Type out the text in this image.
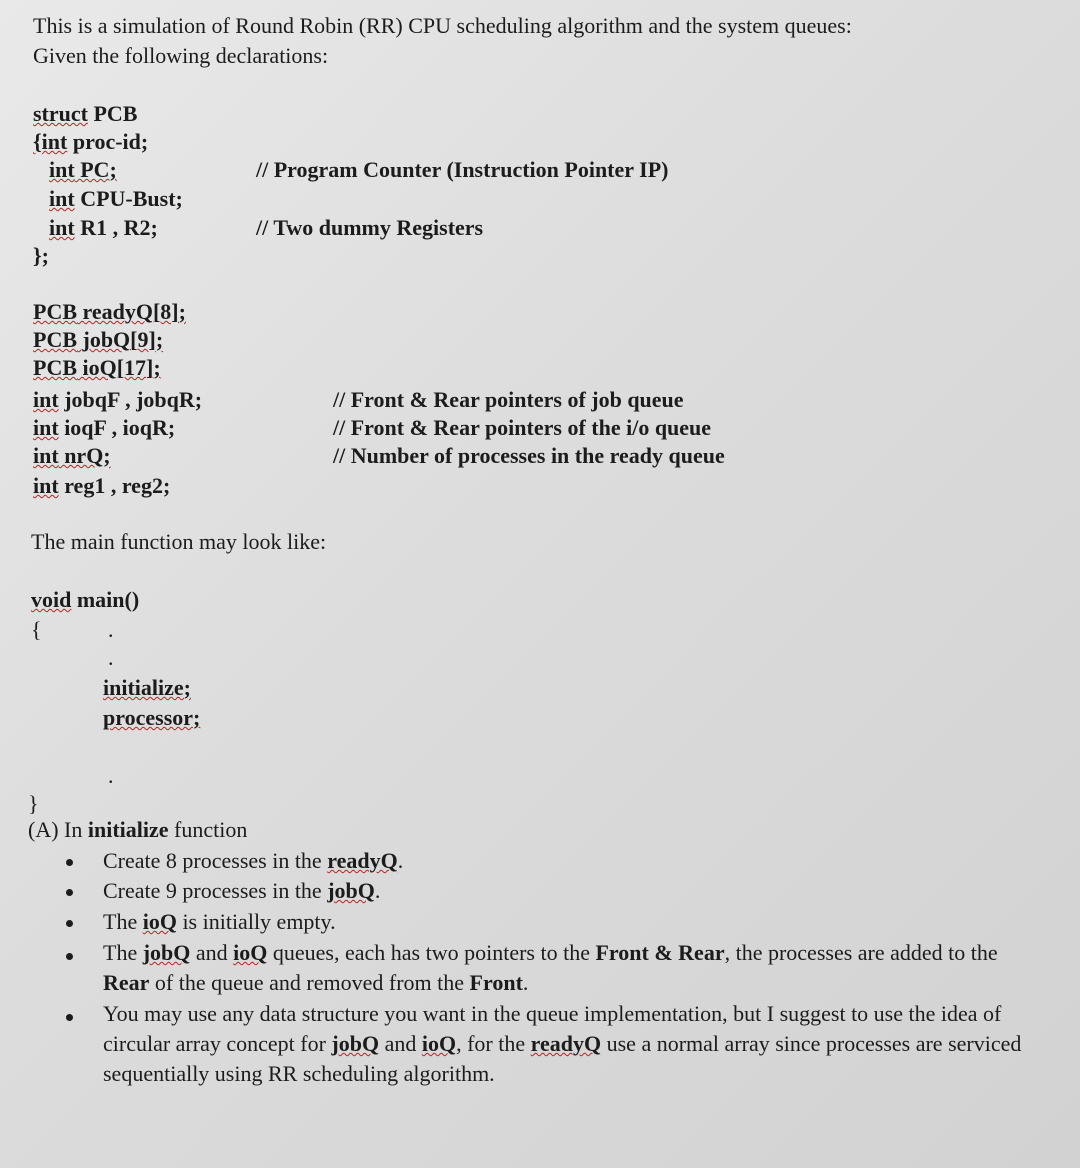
This is a simulation of Round Robin (RR) CPU scheduling algorithm and the system queues:
Given the following declarations:
struct PCB
{int proc-id;
int PC;	// Program Counter (Instruction Pointer IP)
int CPU-Bust;
int R1 , R2;	// Two dummy Registers
};
PCB readyQ[8];
PCB jobQ[9];
PCB ioQ[17];
int jobqF , jobqR;	// Front & Rear pointers of job queue
int ioqF , ioqR;	// Front & Rear pointers of the i/o queue
int nrQ;	// Number of processes in the ready queue
int reg1 , reg2;
The main function may look like:
void main()
{	.
.
initialize;
processor;
.
}
(A) In initialize function
Create 8 processes in the readyQ.
Create 9 processes in the jobQ.
The ioQ is initially empty.
The jobQ and ioQ queues, each has two pointers to the Front & Rear, the processes are added to the Rear of the queue and removed from the Front.
You may use any data structure you want in the queue implementation, but I suggest to use the idea of circular array concept for jobQ and ioQ, for the readyQ use a normal array since processes are serviced sequentially using RR scheduling algorithm.
